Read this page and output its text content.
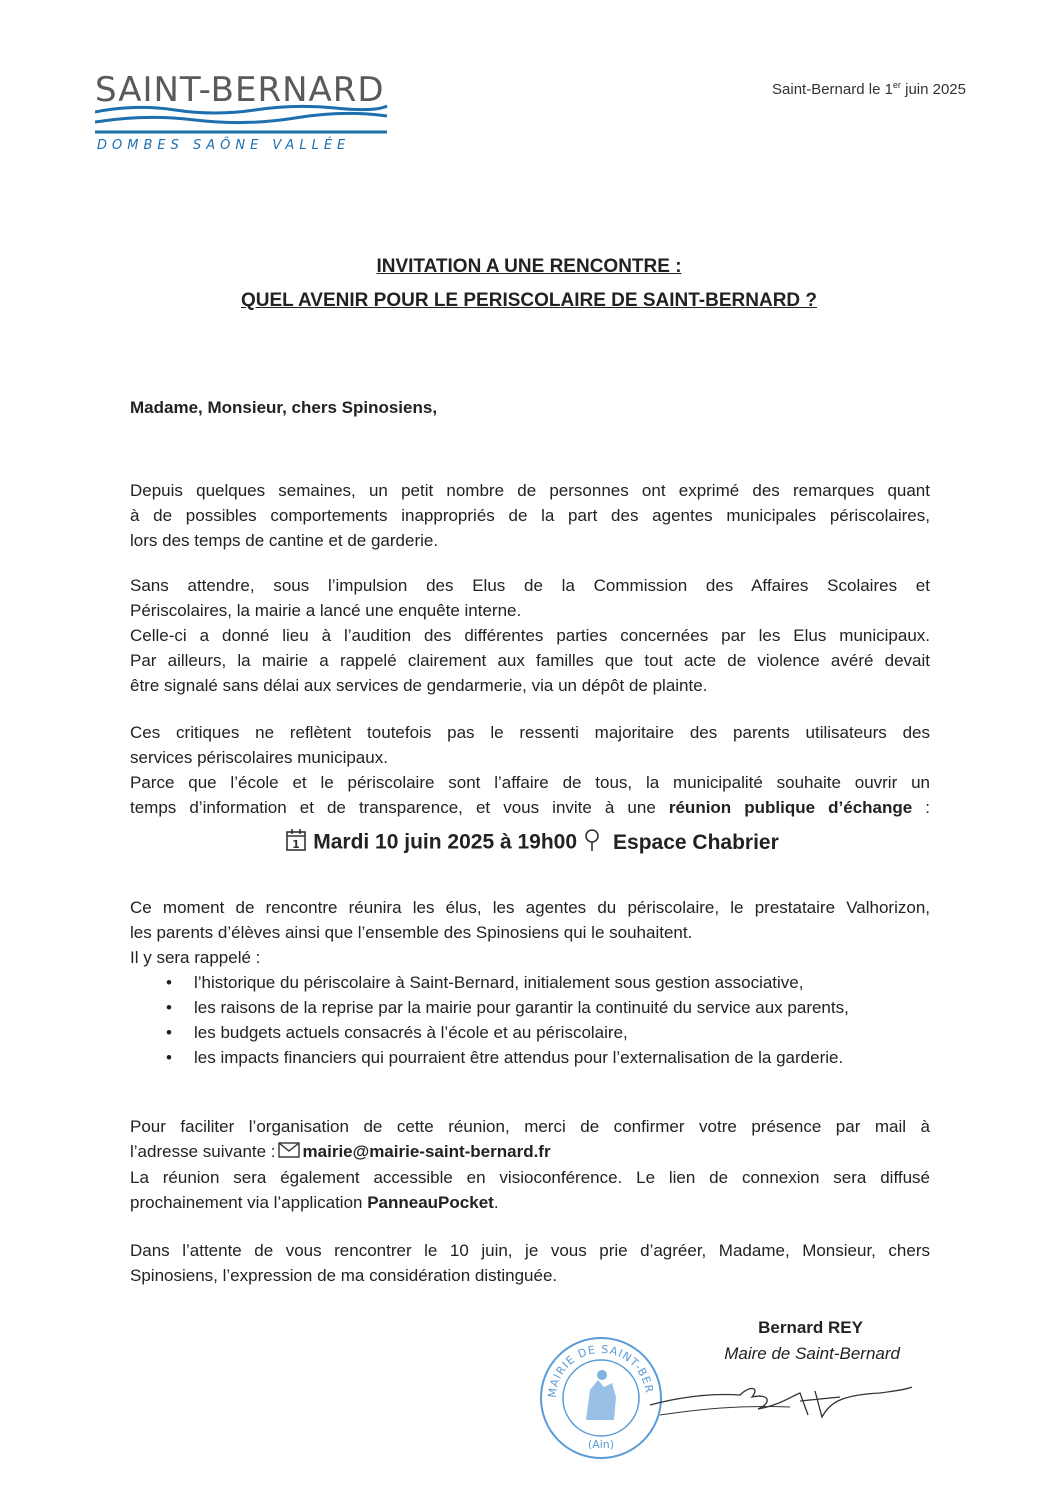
SAINT-BERNARD
DOMBES SAÔNE VALLÉE
Saint-Bernard le 1er juin 2025
INVITATION A UNE RENCONTRE :
QUEL AVENIR POUR LE PERISCOLAIRE DE SAINT-BERNARD ?
Madame, Monsieur, chers Spinosiens,
Depuis quelques semaines, un petit nombre de personnes ont exprimé des remarques quant
à de possibles comportements inappropriés de la part des agentes municipales périscolaires,
lors des temps de cantine et de garderie.
Sans attendre, sous l’impulsion des Elus de la Commission des Affaires Scolaires et
Périscolaires, la mairie a lancé une enquête interne.
Celle-ci a donné lieu à l’audition des différentes parties concernées par les Elus municipaux.
Par ailleurs, la mairie a rappelé clairement aux familles que tout acte de violence avéré devait
être signalé sans délai aux services de gendarmerie, via un dépôt de plainte.
Ces critiques ne reflètent toutefois pas le ressenti majoritaire des parents utilisateurs des
services périscolaires municipaux.
Parce que l’école et le périscolaire sont l’affaire de tous, la municipalité souhaite ouvrir un
temps d’information et de transparence, et vous invite à une réunion publique d’échange :
1 Mardi 10 juin 2025 à 19h00 Espace Chabrier
Ce moment de rencontre réunira les élus, les agentes du périscolaire, le prestataire Valhorizon,
les parents d’élèves ainsi que l’ensemble des Spinosiens qui le souhaitent.
Il y sera rappelé :
• l’historique du périscolaire à Saint-Bernard, initialement sous gestion associative,
• les raisons de la reprise par la mairie pour garantir la continuité du service aux parents,
• les budgets actuels consacrés à l’école et au périscolaire,
• les impacts financiers qui pourraient être attendus pour l’externalisation de la garderie.
Pour faciliter l’organisation de cette réunion, merci de confirmer votre présence par mail à
l’adresse suivante : mairie@mairie-saint-bernard.fr
La réunion sera également accessible en visioconférence. Le lien de connexion sera diffusé
prochainement via l’application PanneauPocket.
Dans l’attente de vous rencontrer le 10 juin, je vous prie d’agréer, Madame, Monsieur, chers
Spinosiens, l’expression de ma considération distinguée.
Bernard REY
Maire de Saint-Bernard
MAIRIE DE SAINT-BER
(Ain)
